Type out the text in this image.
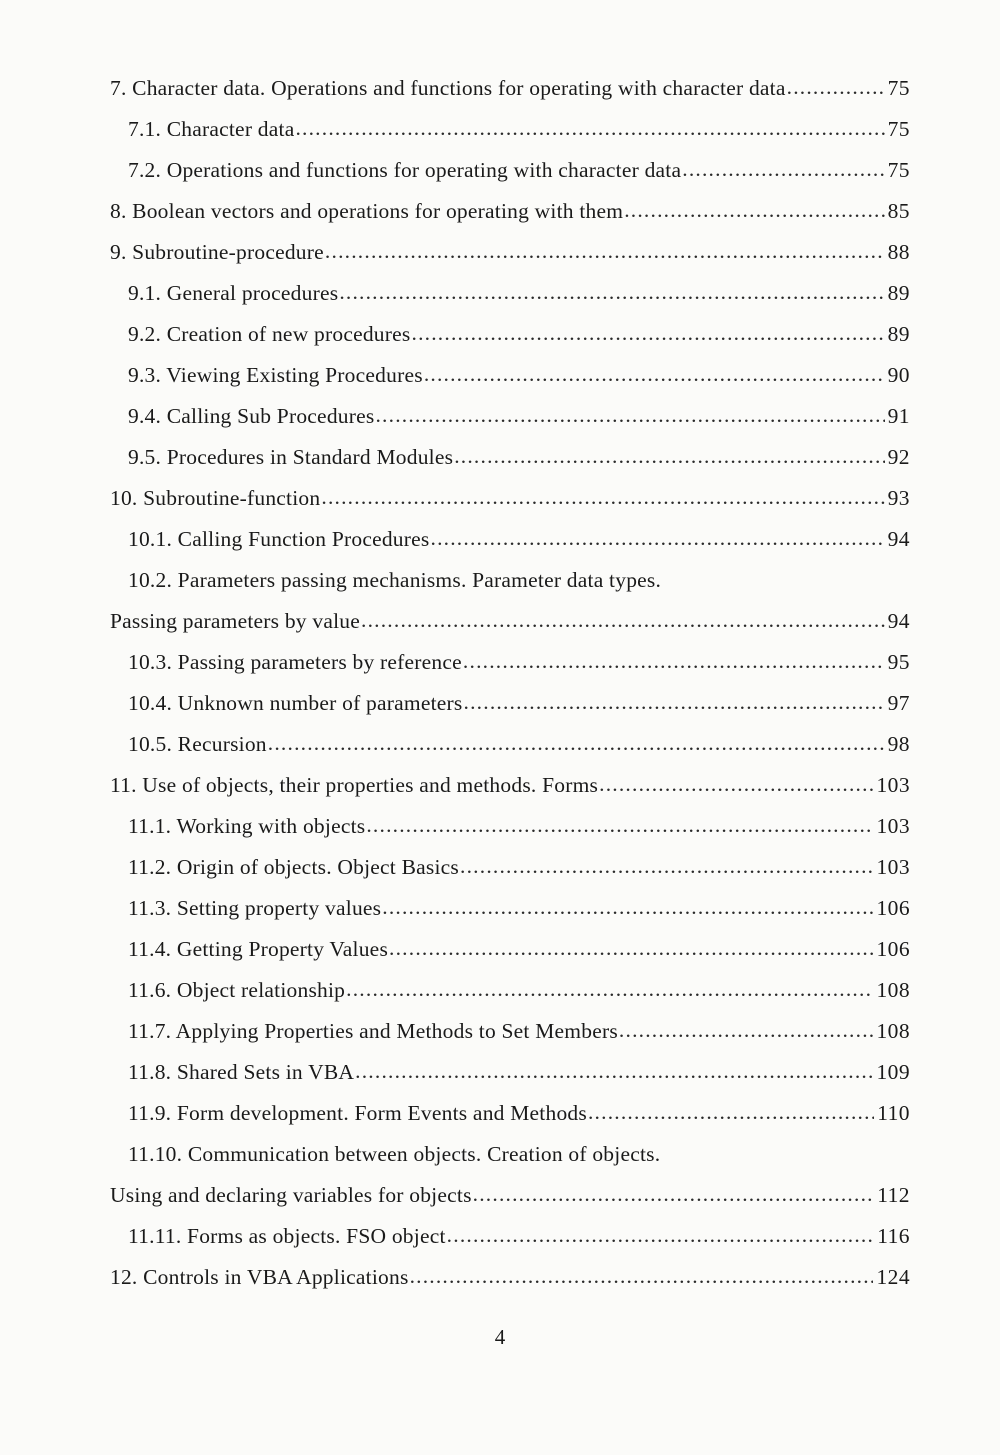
7. Character data. Operations and functions for operating with character data .....	75
7.1. Character data .....	75
7.2. Operations and functions for operating with character data .....	75
8. Boolean vectors and operations for operating with them .....	85
9. Subroutine-procedure .....	88
9.1. General procedures .....	89
9.2. Creation of new procedures .....	89
9.3. Viewing Existing Procedures .....	90
9.4. Calling Sub Procedures .....	91
9.5. Procedures in Standard Modules .....	92
10. Subroutine-function .....	93
10.1. Calling Function Procedures .....	94
10.2. Parameters passing mechanisms. Parameter data types.
Passing parameters by value .....	94
10.3. Passing parameters by reference .....	95
10.4. Unknown number of parameters .....	97
10.5. Recursion .....	98
11. Use of objects, their properties and methods. Forms .....	103
11.1. Working with objects .....	103
11.2. Origin of objects. Object Basics .....	103
11.3. Setting property values .....	106
11.4. Getting Property Values .....	106
11.6. Object relationship .....	108
11.7. Applying Properties and Methods to Set Members .....	108
11.8. Shared Sets in VBA .....	109
11.9. Form development. Form Events and Methods .....	110
11.10. Communication between objects. Creation of objects.
Using and declaring variables for objects .....	112
11.11. Forms as objects. FSO object .....	116
12. Controls in VBA Applications .....	124
4
